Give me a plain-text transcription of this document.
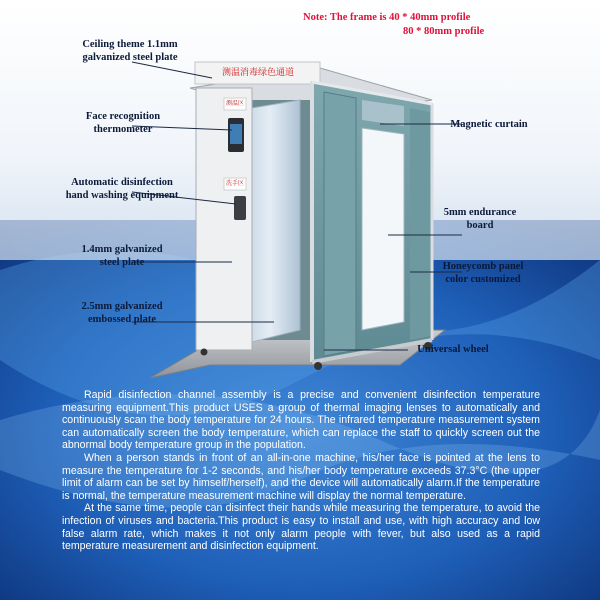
Note: The frame is 40 * 40mm profile
80 * 80mm profile
测温消毒绿色通道
测温区
洗手区
Ceiling theme 1.1mm
galvanized steel plate
Face recognition
thermometer
Automatic disinfection
hand washing equipment
1.4mm galvanized
steel plate
2.5mm galvanized
embossed plate
Magnetic curtain
5mm endurance
board
Honeycomb panel
color customized
Universal wheel

Rapid disinfection channel assembly is a precise and convenient disinfection temperature measuring equipment.This product USES a group of thermal imaging lenses to automatically and continuously scan the body temperature for 24 hours. The infrared temperature measurement system can automatically screen the body temperature, which can replace the staff to quickly screen out the abnormal body temperature group in the population.

When a person stands in front of an all-in-one machine, his/her face is pointed at the lens to measure the temperature for 1-2 seconds, and his/her body temperature exceeds 37.3°C (the upper limit of alarm can be set by himself/herself), and the device will automatically alarm.If the temperature is normal, the temperature measurement machine will display the normal temperature.

At the same time, people can disinfect their hands while measuring the temperature, to avoid the infection of viruses and bacteria.This product is easy to install and use, with high accuracy and low false alarm rate, which makes it not only alarm people with fever, but also used as a rapid temperature measurement and disinfection equipment.
